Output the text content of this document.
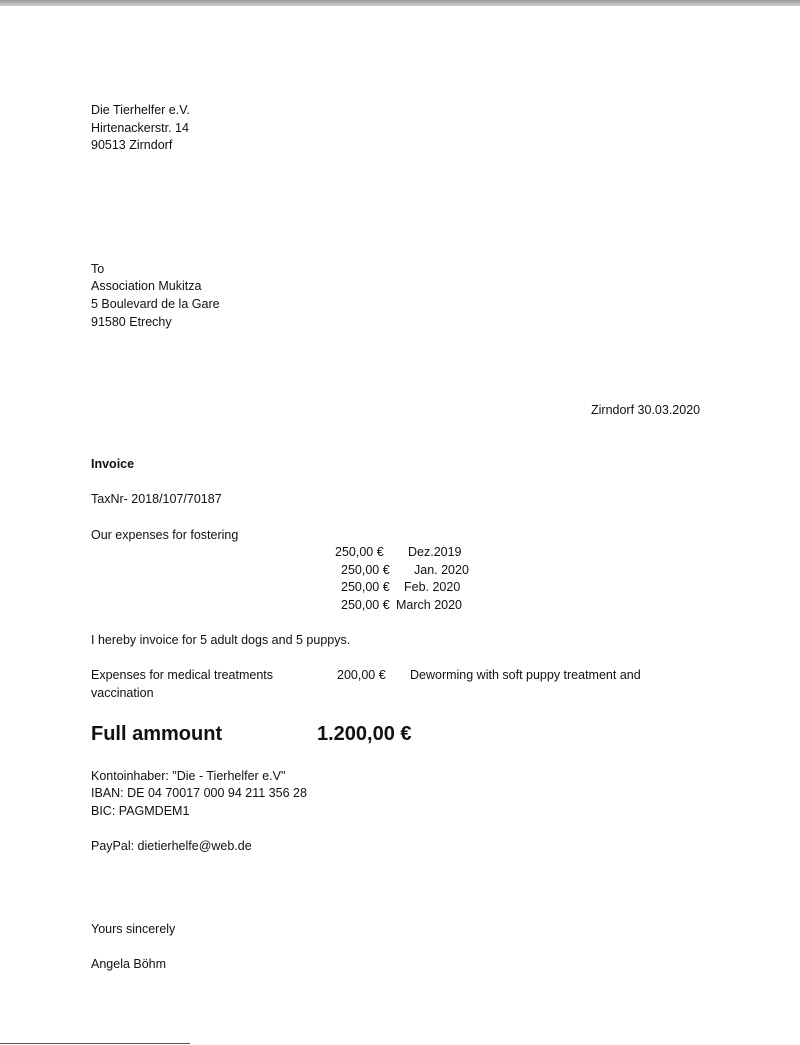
Die Tierhelfer e.V.
Hirtenackerstr. 14
90513 Zirndorf
To
Association Mukitza
5 Boulevard de la Gare
91580 Etrechy
Zirndorf 30.03.2020
Invoice
TaxNr- 2018/107/70187
Our expenses for fostering
250,00 € Dez.2019
250,00 € Jan. 2020
250,00 € Feb. 2020
250,00 € March 2020
I hereby invoice for 5 adult dogs and 5 puppys.
Expenses for medical treatments	200,00 € Deworming with soft puppy treatment and
vaccination
Full ammount	1.200,00 €
Kontoinhaber: "Die - Tierhelfer e.V"
IBAN: DE 04 70017 000 94 211 356 28
BIC: PAGMDEM1
PayPal: dietierhelfe@web.de
Yours sincerely
Angela Böhm
